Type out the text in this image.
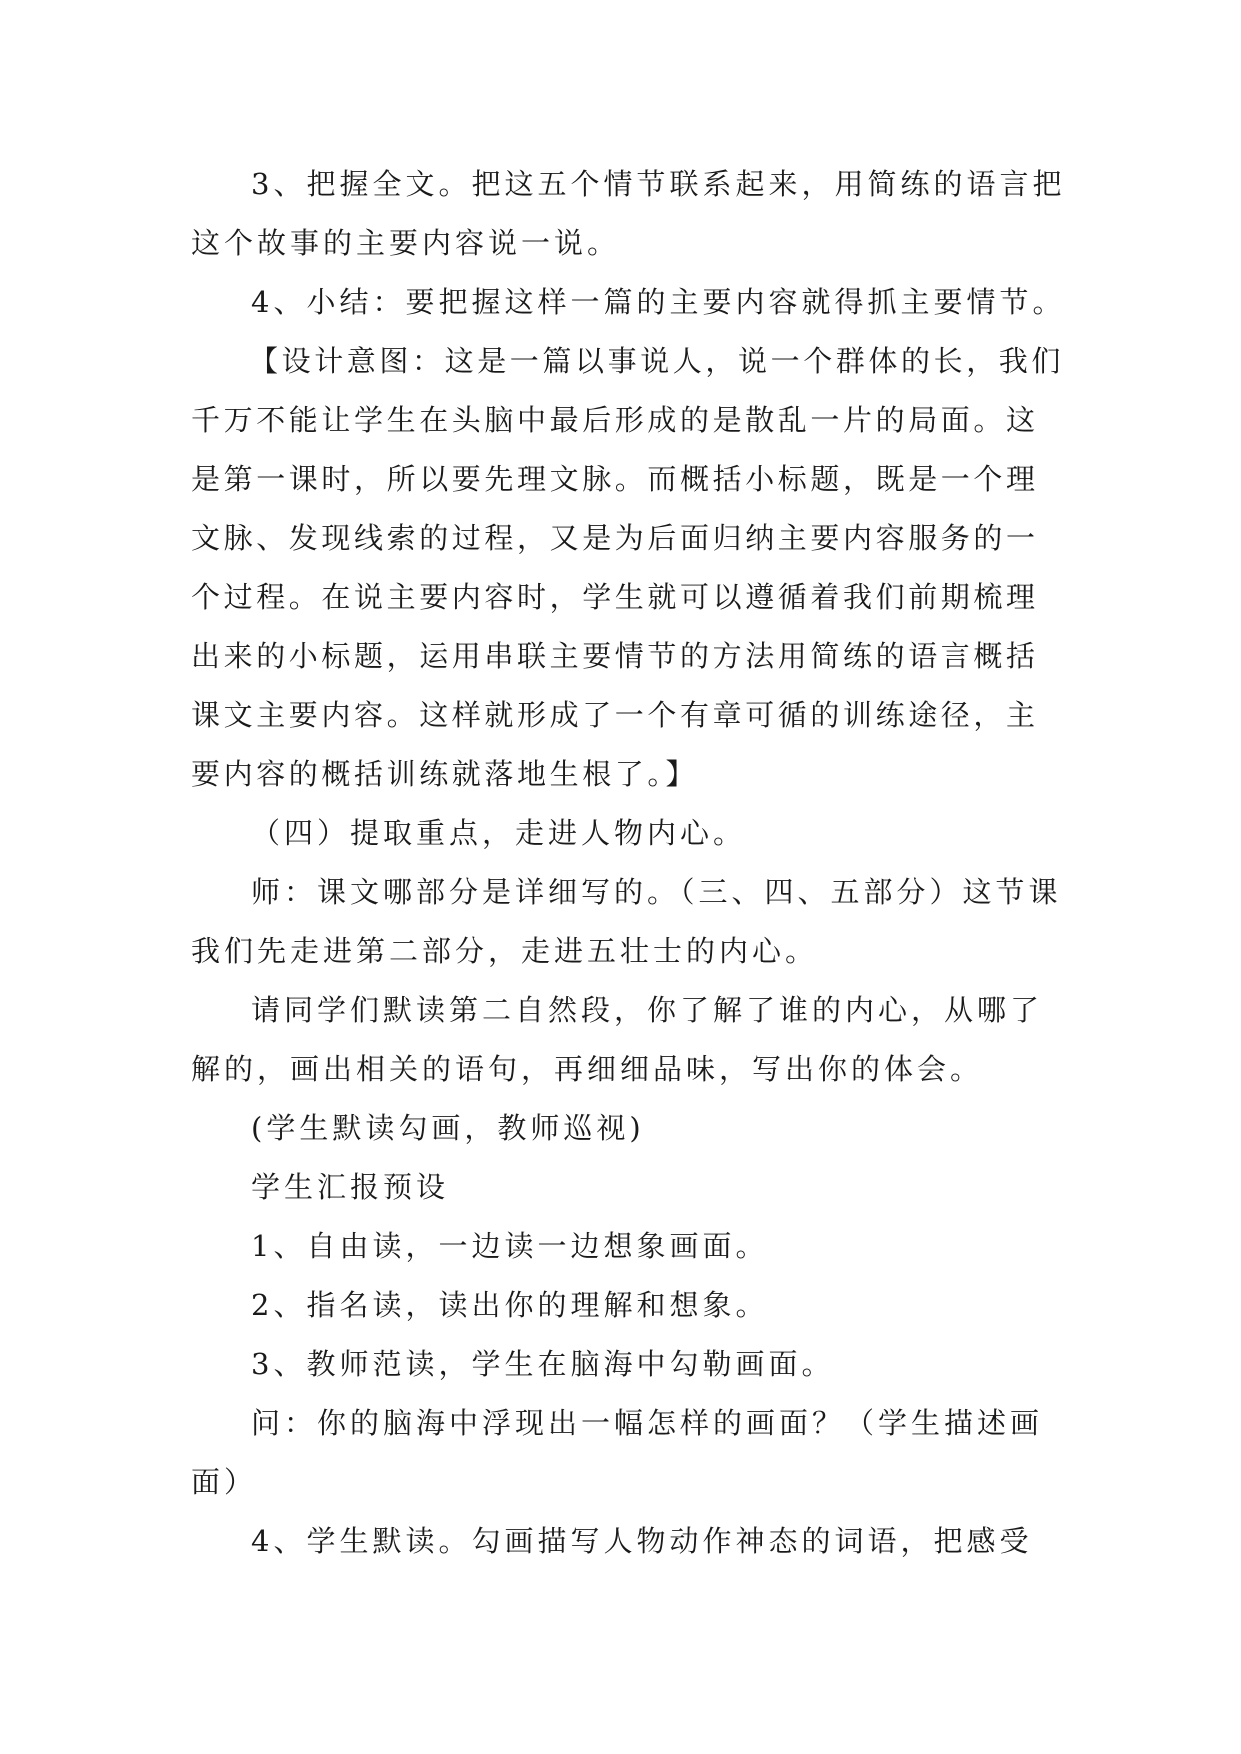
3、把握全文。把这五个情节联系起来，用简练的语言把这个故事的主要内容说一说。

4、小结：要把握这样一篇的主要内容就得抓主要情节。

【设计意图：这是一篇以事说人，说一个群体的长，我们千万不能让学生在头脑中最后形成的是散乱一片的局面。这是第一课时，所以要先理文脉。而概括小标题，既是一个理文脉、发现线索的过程，又是为后面归纳主要内容服务的一个过程。在说主要内容时，学生就可以遵循着我们前期梳理出来的小标题，运用串联主要情节的方法用简练的语言概括课文主要内容。这样就形成了一个有章可循的训练途径，主要内容的概括训练就落地生根了。】

（四）提取重点，走进人物内心。

师：课文哪部分是详细写的。（三、四、五部分）这节课我们先走进第二部分，走进五壮士的内心。

请同学们默读第二自然段，你了解了谁的内心，从哪了解的，画出相关的语句，再细细品味，写出你的体会。

(学生默读勾画，教师巡视)

学生汇报预设

1、自由读，一边读一边想象画面。

2、指名读，读出你的理解和想象。

3、教师范读，学生在脑海中勾勒画面。

问：你的脑海中浮现出一幅怎样的画面？（学生描述画面）

4、学生默读。勾画描写人物动作神态的词语，把感受
